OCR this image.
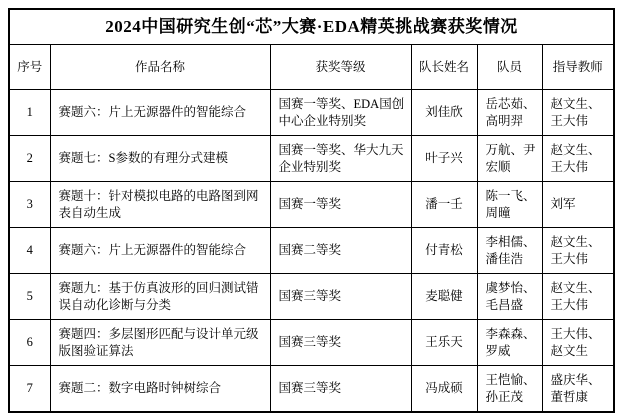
2024中国研究生创“芯”大赛·EDA精英挑战赛获奖情况					
序号	作品名称	获奖等级	队长姓名	队员	指导教师
1	赛题六：片上无源器件的智能综合	国赛一等奖、EDA国创中心企业特别奖	刘佳欣	岳芯茹、高明羿	赵文生、王大伟
2	赛题七：S参数的有理分式建模	国赛一等奖、华大九天企业特别奖	叶子兴	万航、尹宏顺	赵文生、王大伟
3	赛题十：针对模拟电路的电路图到网表自动生成	国赛一等奖	潘一壬	陈一飞、周曈	刘军
4	赛题六：片上无源器件的智能综合	国赛二等奖	付青松	李相儒、潘佳浩	赵文生、王大伟
5	赛题九：基于仿真波形的回归测试错误自动化诊断与分类	国赛三等奖	麦聪健	虞梦怡、毛昌盛	赵文生、王大伟
6	赛题四：多层图形匹配与设计单元级版图验证算法	国赛三等奖	王乐天	李森森、罗威	王大伟、赵文生
7	赛题二：数字电路时钟树综合	国赛三等奖	冯成硕	王恺愉、孙正茂	盛庆华、董哲康
